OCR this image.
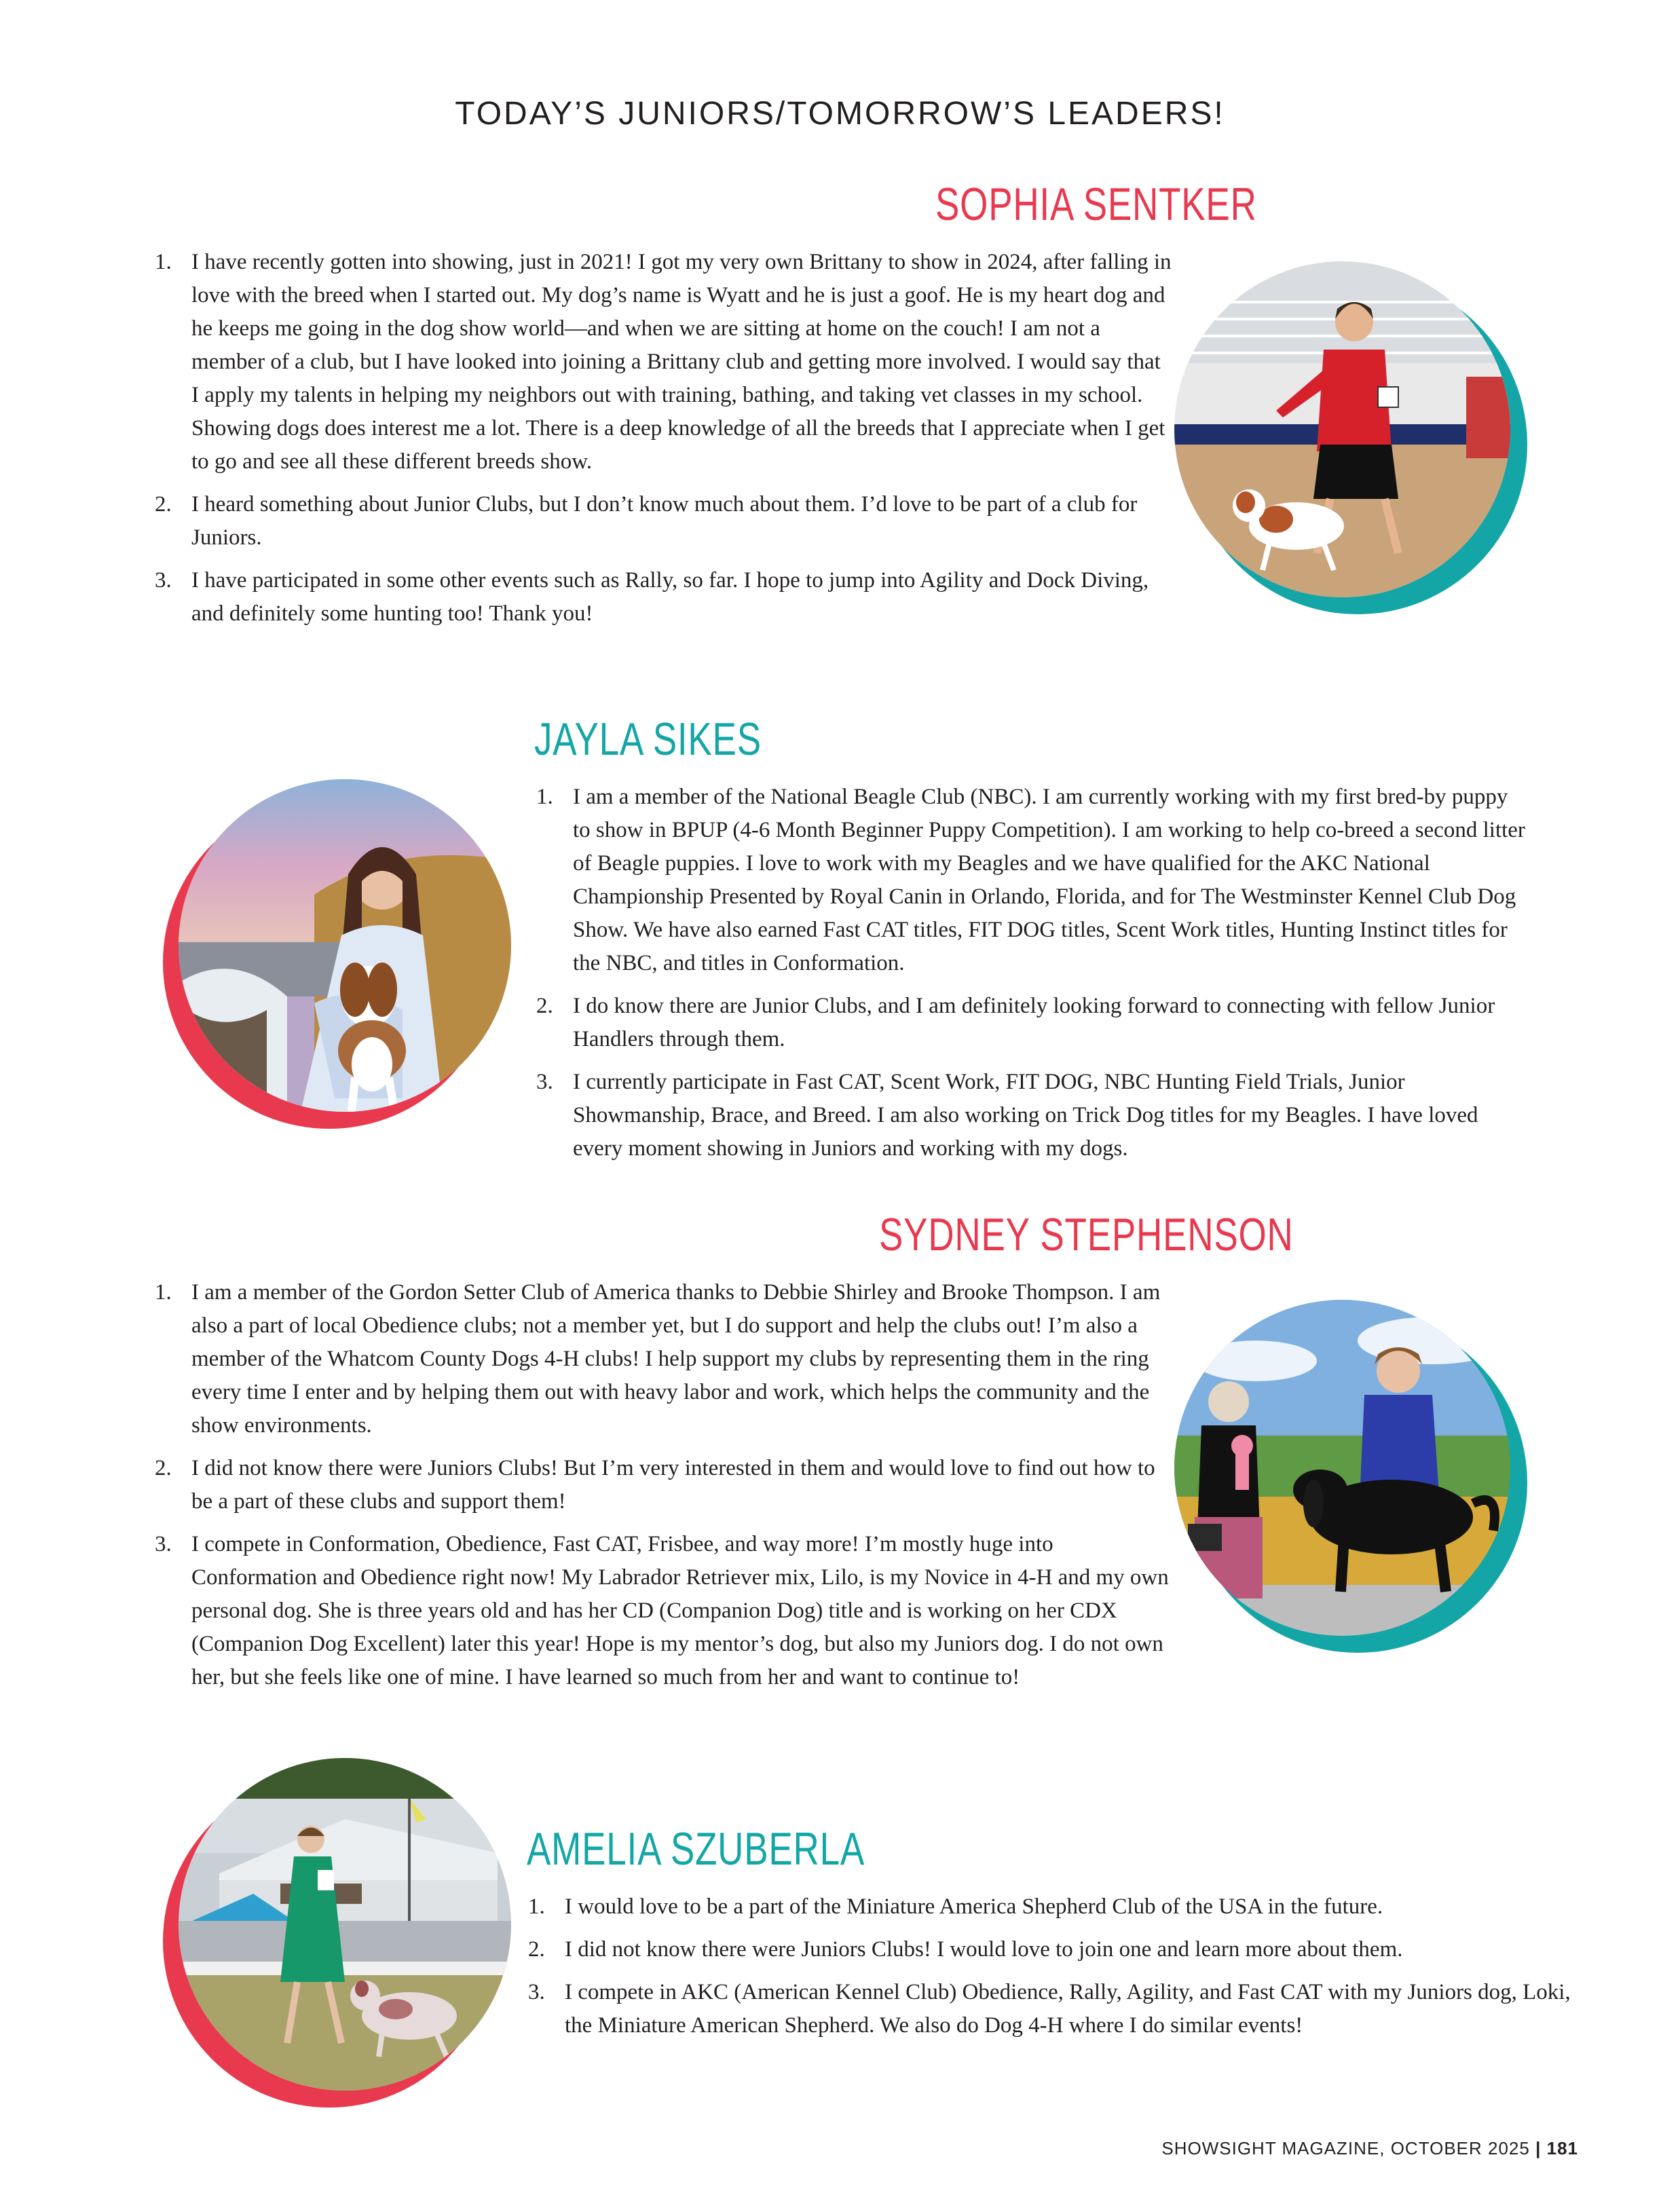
TODAY’S JUNIORS/TOMORROW’S LEADERS!
SOPHIA SENTKER
1. I have recently gotten into showing, just in 2021! I got my very own Brittany to show in 2024, after falling in love with the breed when I started out. My dog’s name is Wyatt and he is just a goof. He is my heart dog and he keeps me going in the dog show world—and when we are sitting at home on the couch! I am not a member of a club, but I have looked into joining a Brittany club and getting more involved. I would say that I apply my talents in helping my neighbors out with training, bathing, and taking vet classes in my school. Showing dogs does interest me a lot. There is a deep knowledge of all the breeds that I appreciate when I get to go and see all these different breeds show.
2. I heard something about Junior Clubs, but I don’t know much about them. I’d love to be part of a club for Juniors.
3. I have participated in some other events such as Rally, so far. I hope to jump into Agility and Dock Diving, and definitely some hunting too! Thank you!
JAYLA SIKES
1. I am a member of the National Beagle Club (NBC). I am currently working with my first bred-by puppy to show in BPUP (4-6 Month Beginner Puppy Competition). I am working to help co-breed a second litter of Beagle puppies. I love to work with my Beagles and we have qualified for the AKC National Championship Presented by Royal Canin in Orlando, Florida, and for The Westminster Kennel Club Dog Show. We have also earned Fast CAT titles, FIT DOG titles, Scent Work titles, Hunting Instinct titles for the NBC, and titles in Conformation.
2. I do know there are Junior Clubs, and I am definitely looking forward to connecting with fellow Junior Handlers through them.
3. I currently participate in Fast CAT, Scent Work, FIT DOG, NBC Hunting Field Trials, Junior Showmanship, Brace, and Breed. I am also working on Trick Dog titles for my Beagles. I have loved every moment showing in Juniors and working with my dogs.
SYDNEY STEPHENSON
1. I am a member of the Gordon Setter Club of America thanks to Debbie Shirley and Brooke Thompson. I am also a part of local Obedience clubs; not a member yet, but I do support and help the clubs out! I’m also a member of the Whatcom County Dogs 4-H clubs! I help support my clubs by representing them in the ring every time I enter and by helping them out with heavy labor and work, which helps the community and the show environments.
2. I did not know there were Juniors Clubs! But I’m very interested in them and would love to find out how to be a part of these clubs and support them!
3. I compete in Conformation, Obedience, Fast CAT, Frisbee, and way more! I’m mostly huge into Conformation and Obedience right now! My Labrador Retriever mix, Lilo, is my Novice in 4-H and my own personal dog. She is three years old and has her CD (Companion Dog) title and is working on her CDX (Companion Dog Excellent) later this year! Hope is my mentor’s dog, but also my Juniors dog. I do not own her, but she feels like one of mine. I have learned so much from her and want to continue to!
AMELIA SZUBERLA
1. I would love to be a part of the Miniature America Shepherd Club of the USA in the future.
2. I did not know there were Juniors Clubs! I would love to join one and learn more about them.
3. I compete in AKC (American Kennel Club) Obedience, Rally, Agility, and Fast CAT with my Juniors dog, Loki, the Miniature American Shepherd. We also do Dog 4-H where I do similar events!
SHOWSIGHT MAGAZINE, OCTOBER 2025 | 181
